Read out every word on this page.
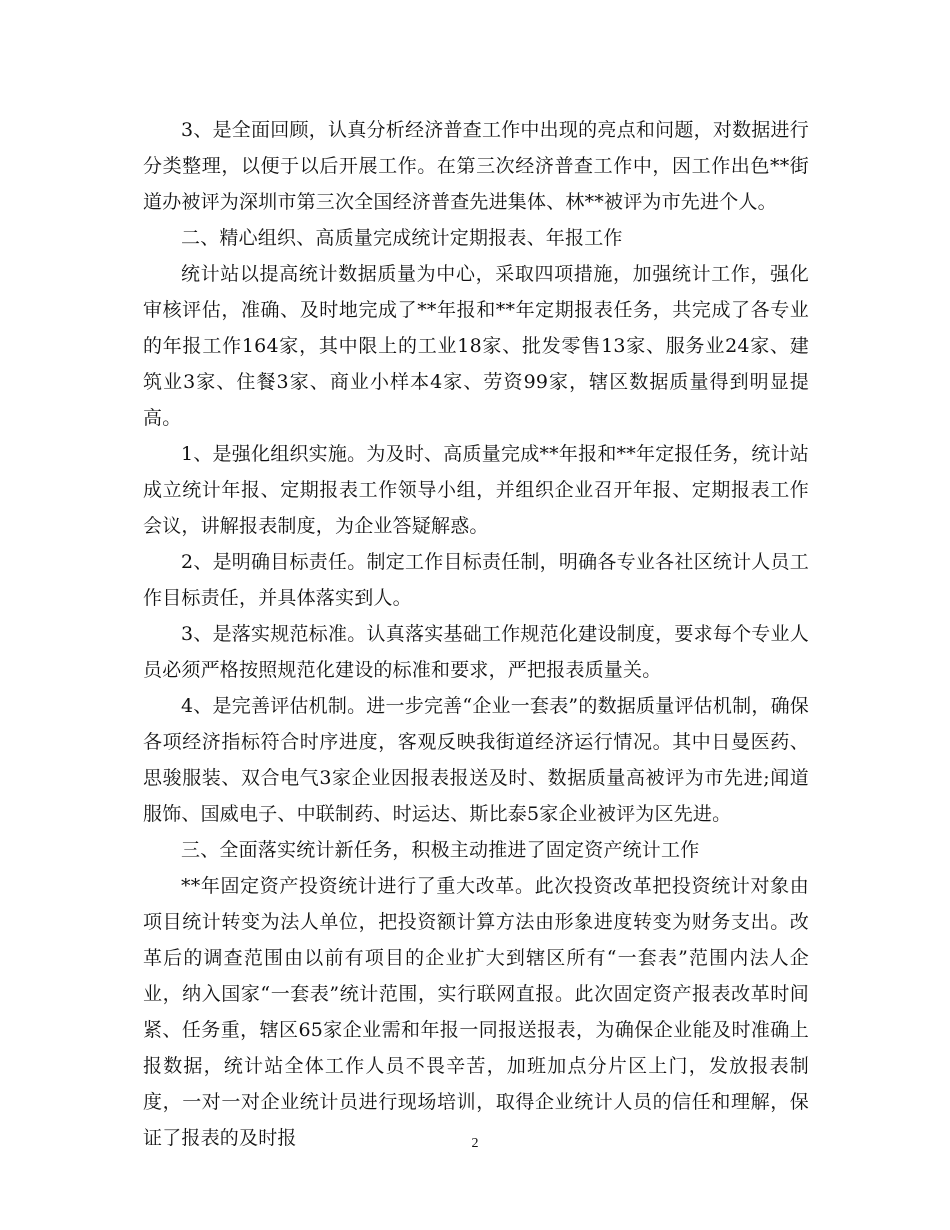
3、是全面回顾，认真分析经济普查工作中出现的亮点和问题，对数据进行分类整理，以便于以后开展工作。在第三次经济普查工作中，因工作出色**街道办被评为深圳市第三次全国经济普查先进集体、林**被评为市先进个人。

二、精心组织、高质量完成统计定期报表、年报工作

统计站以提高统计数据质量为中心，采取四项措施，加强统计工作，强化审核评估，准确、及时地完成了**年报和**年定期报表任务，共完成了各专业的年报工作164家，其中限上的工业18家、批发零售13家、服务业24家、建筑业3家、住餐3家、商业小样本4家、劳资99家，辖区数据质量得到明显提高。

1、是强化组织实施。为及时、高质量完成**年报和**年定报任务，统计站成立统计年报、定期报表工作领导小组，并组织企业召开年报、定期报表工作会议，讲解报表制度，为企业答疑解惑。

2、是明确目标责任。制定工作目标责任制，明确各专业各社区统计人员工作目标责任，并具体落实到人。

3、是落实规范标准。认真落实基础工作规范化建设制度，要求每个专业人员必须严格按照规范化建设的标准和要求，严把报表质量关。

4、是完善评估机制。进一步完善“企业一套表”的数据质量评估机制，确保各项经济指标符合时序进度，客观反映我街道经济运行情况。其中日曼医药、思骏服装、双合电气3家企业因报表报送及时、数据质量高被评为市先进;闻道服饰、国威电子、中联制药、时运达、斯比泰5家企业被评为区先进。

三、全面落实统计新任务，积极主动推进了固定资产统计工作

**年固定资产投资统计进行了重大改革。此次投资改革把投资统计对象由项目统计转变为法人单位，把投资额计算方法由形象进度转变为财务支出。改革后的调查范围由以前有项目的企业扩大到辖区所有“一套表”范围内法人企业，纳入国家“一套表”统计范围，实行联网直报。此次固定资产报表改革时间紧、任务重，辖区65家企业需和年报一同报送报表，为确保企业能及时准确上报数据，统计站全体工作人员不畏辛苦，加班加点分片区上门，发放报表制度，一对一对企业统计员进行现场培训，取得企业统计人员的信任和理解，保证了报表的及时报	2
